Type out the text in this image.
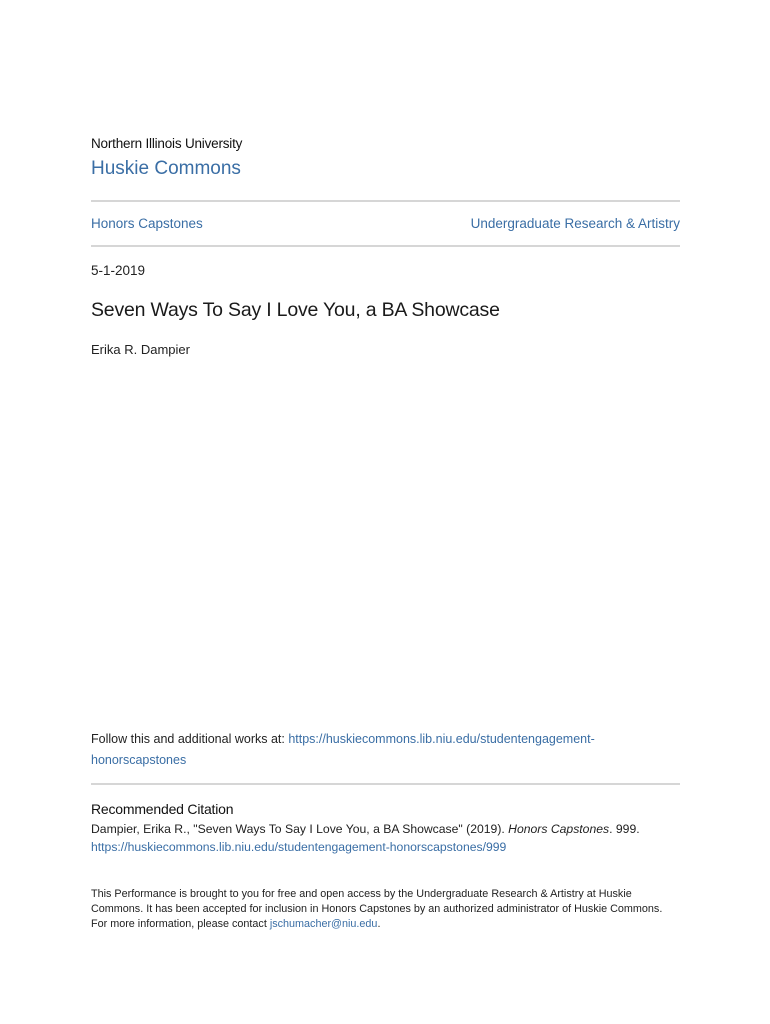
Northern Illinois University
Huskie Commons
Honors Capstones	Undergraduate Research & Artistry
5-1-2019
Seven Ways To Say I Love You, a BA Showcase
Erika R. Dampier
Follow this and additional works at: https://huskiecommons.lib.niu.edu/studentengagement-
honorscapstones
Recommended Citation
Dampier, Erika R., "Seven Ways To Say I Love You, a BA Showcase" (2019). Honors Capstones. 999.
https://huskiecommons.lib.niu.edu/studentengagement-honorscapstones/999
This Performance is brought to you for free and open access by the Undergraduate Research & Artistry at Huskie Commons. It has been accepted for inclusion in Honors Capstones by an authorized administrator of Huskie Commons. For more information, please contact jschumacher@niu.edu.
